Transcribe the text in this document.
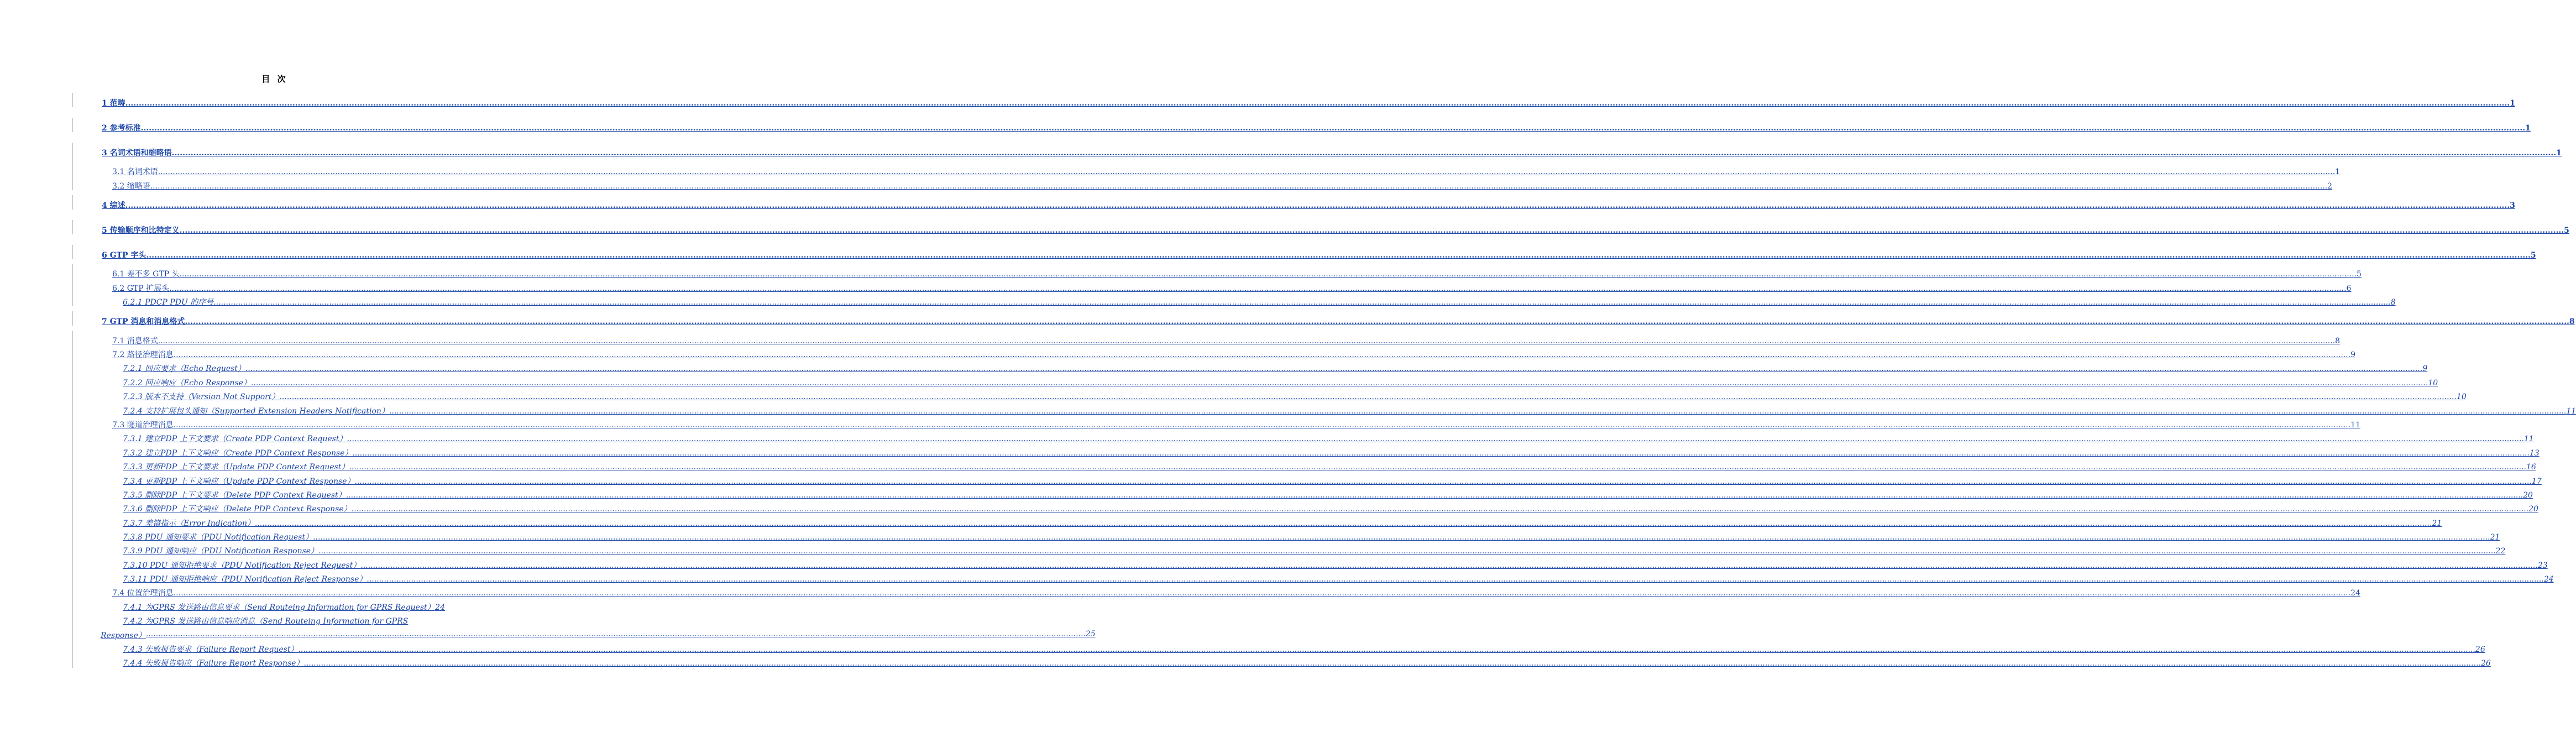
目 次
1 范畴 .....	1
2 参考标准 .....	1
3 名词术语和缩略语 .....	1
3.1 名词术语 .....	1
3.2 缩略语 .....	2
4 综述 .....	3
5 传输顺序和比特定义 .....	5
6 GTP 字头 .....	5
6.1 差不多 GTP 头 .....	5
6.2 GTP 扩展头 .....	6
6.2.1 PDCP PDU 的序号 .....	8
7 GTP 消息和消息格式 .....	8
7.1 消息格式 .....	8
7.2 路径治理消息 .....	9
7.2.1 回应要求（Echo Request） .....	9
7.2.2 回应响应（Echo Response） .....	10
7.2.3 版本不支持（Version Not Support） .....	10
7.2.4 支持扩展包头通知（Supported Extension Headers Notification） .....	11
7.3 隧道治理消息 .....	11
7.3.1 建立PDP 上下文要求（Create PDP Context Request） .....	11
7.3.2 建立PDP 上下文响应（Create PDP Context Response） .....	13
7.3.3 更新PDP 上下文要求（Update PDP Context Request） .....	16
7.3.4 更新PDP 上下文响应（Update PDP Context Response） .....	17
7.3.5 删除PDP 上下文要求（Delete PDP Context Request） .....	20
7.3.6 删除PDP 上下文响应（Delete PDP Context Response） .....	20
7.3.7 差错指示（Error Indication） .....	21
7.3.8 PDU 通知要求（PDU Notification Request） .....	21
7.3.9 PDU 通知响应（PDU Notification Response） .....	22
7.3.10 PDU 通知拒绝要求（PDU Notification Reject Request） .....	23
7.3.11 PDU 通知拒绝响应（PDU Norification Reject Response） .....	24
7.4 位置治理消息 .....	24
7.4.1 为GPRS 发送路由信息要求（Send Routeing Information for GPRS Request） ..... 24
7.4.2 为GPRS 发送路由信息响应消息（Send Routeing Information for GPRS
Response） .............................................................................................................................................................................................................................................................................................................................................................................................. 25
7.4.3 失败报告要求（Failure Report Request） .....	26
7.4.4 失败报告响应（Failure Report Response） .....	26
